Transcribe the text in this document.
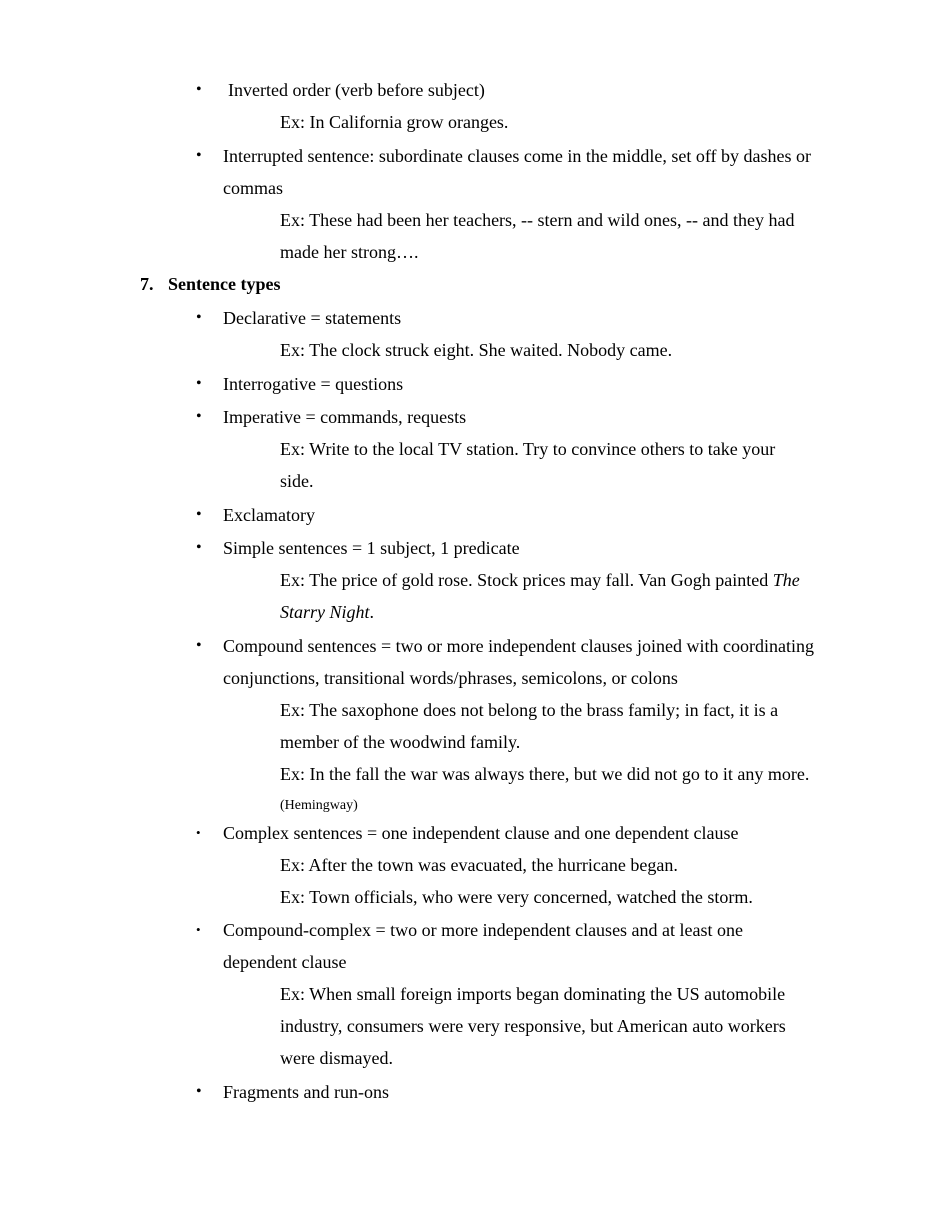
• Inverted order (verb before subject)
Ex: In California grow oranges.
• Interrupted sentence: subordinate clauses come in the middle, set off by dashes or
commas
Ex: These had been her teachers, -- stern and wild ones, -- and they had
made her strong….
7. Sentence types
• Declarative = statements
Ex: The clock struck eight. She waited. Nobody came.
• Interrogative = questions
• Imperative = commands, requests
Ex: Write to the local TV station. Try to convince others to take your
side.
• Exclamatory
• Simple sentences = 1 subject, 1 predicate
Ex: The price of gold rose. Stock prices may fall. Van Gogh painted The
Starry Night.
• Compound sentences = two or more independent clauses joined with coordinating
conjunctions, transitional words/phrases, semicolons, or colons
Ex: The saxophone does not belong to the brass family; in fact, it is a
member of the woodwind family.
Ex: In the fall the war was always there, but we did not go to it any more.
(Hemingway)
• Complex sentences = one independent clause and one dependent clause
Ex: After the town was evacuated, the hurricane began.
Ex: Town officials, who were very concerned, watched the storm.
• Compound-complex = two or more independent clauses and at least one
dependent clause
Ex: When small foreign imports began dominating the US automobile
industry, consumers were very responsive, but American auto workers
were dismayed.
• Fragments and run-ons
